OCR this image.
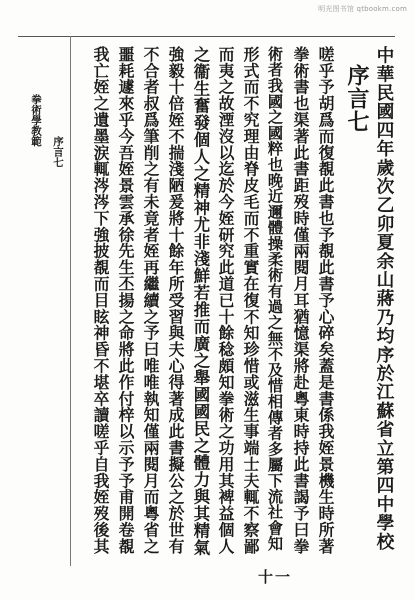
明光图书馆 qtbookm.com
拳術學教範
序言七	中華民國四年歲次乙卯夏余山蔣乃均序於江蘇省立第四中學校
序言七
嗟乎予胡爲而復覩此書也予覩此書予心碎矣蓋是書係我姪景機生時所著
拳術書也渠著此書距歿時僅兩閱月耳猶憶渠將赴粵東時持此書謁予曰拳
術者我國之國粹也晚近邇體操柔術有過之無不及惜相傳者多屬下流社會知
形式而不究理由脊皮毛而不重實在復不知珍惜或滋生事端士夫輒不察鄙
而夷之故湮沒以迄於今姪研究此道已十餘稔頗知拳術之功用其裨益個人
之衞生奮發個人之精神尤非淺鮮若推而廣之舉國國民之體力與其精氣
強毅十倍姪不揣淺陋爰將十餘年所受習與夫心得著成此書擬公之於世有
不合者叔爲筆削之有未竟者姪再繼續之予曰唯唯執知僅兩閱月而粵省之
噩耗遽來乎今吾姪景雲承徐先生丕揚之命將此作付梓以示予予甫開卷覩
我亡姪之遺墨涙輒涔涔下強披覩而目眩神昏不堪卒讀嗟乎自我姪歿後其
十一
